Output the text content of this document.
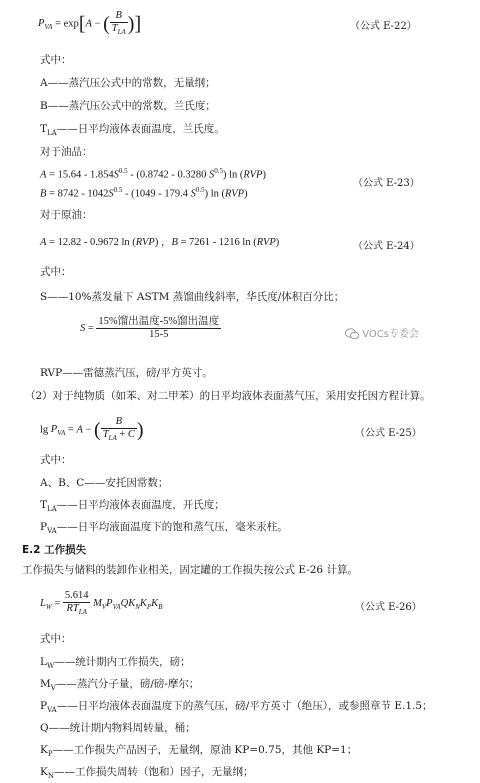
$P_{VA} = \exp[A$ − ( $\frac{B}{T_{LA}}$ )]	（公式 E-22）
式中：
A——蒸汽压公式中的常数，无量纲；
B——蒸汽压公式中的常数，兰氏度；
$T_{LA}——$日平均液体表面温度，兰氏度。
对于油品：
$A = 15.64 - 1.854S^{0.5} - (0.8742 - 0.3280$ $S^{0.5}$) ln (RVP)
$B = 8742 - 1042S^{0.5} - (1049 - 179.4$ $S^{0.5}$) ln (RVP)
（公式 E-23）
对于原油：
A = 12.82 - 0.9672 ln (RVP) ，B = 7261 - 1216 ln (RVP)	（公式 E-24）
式中：
S——10%蒸发量下 ASTM 蒸馏曲线斜率，华氏度/体积百分比；
$S = \frac{\text{15\%馏出温度-5\%馏出温度}}{15-5}$	VOCs专委会
RVP——雷德蒸汽压，磅/平方英寸。
（2）对于纯物质（如苯、对二甲苯）的日平均液体表面蒸气压，采用安托因方程计算。
$\lg P_{VA} = A$ − ( $\frac{B}{T_{LA} + C}$ )	（公式 E-25）
式中：
A、B、C——安托因常数；
$T_{LA}——$日平均液体表面温度，开氏度；
$P_{VA}——$日平均液面温度下的饱和蒸气压，毫米汞柱。
E.2 工作损失
工作损失与储料的装卸作业相关，固定罐的工作损失按公式 E-26 计算。
$L_W = \frac{5.614}{RT_{LA}} M_VP_{VA}QK_NK_PK_B$	（公式 E-26）
式中：
$L_W——$统计期内工作损失，磅；
$M_V——$蒸汽分子量，磅/磅-摩尔；
$P_{VA}——$日平均液体表面温度下的蒸气压，磅/平方英寸（绝压），或参照章节 E.1.5；
Q——统计期内物料周转量，桶；
$K_P——$工作损失产品因子，无量纲，原油 KP=0.75，其他 KP=1；
$K_N——$工作损失周转（饱和）因子，无量纲；
